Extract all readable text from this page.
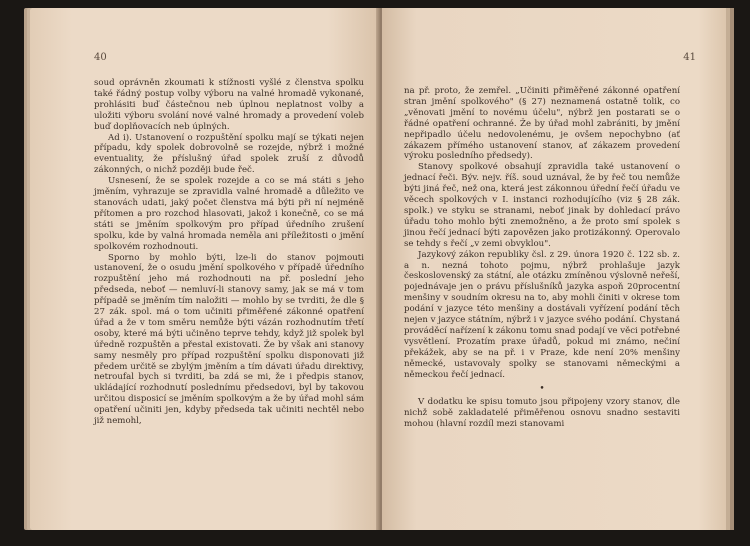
40

soud oprávněn zkoumati k stížnosti vyšlé z členstva spolku také řádný postup volby výboru na valné hromadě vykonané, prohlásiti buď částečnou neb úplnou neplatnost volby a uložiti výboru svolání nové valné hromady a provedení voleb buď doplňovacích neb úplných.

Ad i). Ustanovení o rozpuštění spolku mají se týkati nejen případu, kdy spolek dobrovolně se rozejde, nýbrž i možné eventuality, že příslušný úřad spolek zruší z důvodů zákonných, o nichž později bude řeč.

Usnesení, že se spolek rozejde a co se má státi s jeho jměním, vyhrazuje se zpravidla valné hromadě a důležito ve stanovách udati, jaký počet členstva má býti při ní nejméně přítomen a pro rozchod hlasovati, jakož i konečně, co se má státi se jměním spolkovým pro případ úředního zrušení spolku, kde by valná hromada neměla ani příležitosti o jmění spolkovém rozhodnouti.

Sporno by mohlo býti, lze-li do stanov pojmouti ustanovení, že o osudu jmění spolkového v případě úředního rozpuštění jeho má rozhodnouti na př. poslední jeho předseda, neboť — nemluví-li stanovy samy, jak se má v tom případě se jměním tím naložiti — mohlo by se tvrditi, že dle § 27 zák. spol. má o tom učiniti přiměřené zákonné opatření úřad a že v tom směru nemůže býti vázán rozhodnutím třetí osoby, které má býti učiněno teprve tehdy, když již spolek byl úředně rozpuštěn a přestal existovati. Že by však ani stanovy samy nesměly pro případ rozpuštění spolku disponovati již předem určitě se zbylým jměním a tím dávati úřadu direktivy, netroufal bych si tvrditi, ba zdá se mi, že i předpis stanov, ukládající rozhodnutí poslednímu předsedovi, byl by takovou určitou disposicí se jměním spolkovým a že by úřad mohl sám opatření učiniti jen, kdyby předseda tak učiniti nechtěl nebo již nemohl,

41

na př. proto, že zemřel. „Učiniti přiměřené zákonné opatření stran jmění spolkového" (§ 27) neznamená ostatně tolik, co „věnovati jmění to novému účelu", nýbrž jen postarati se o řádné opatření ochranné. Že by úřad mohl zabrániti, by jmění nepřipadlo účelu nedovolenému, je ovšem nepochybno (ať zákazem přímého ustanovení stanov, ať zákazem provedení výroku posledního předsedy).

Stanovy spolkové obsahují zpravidla také ustanovení o jednací řeči. Býv. nejv. říš. soud uznával, že by řeč tou nemůže býti jiná řeč, než ona, která jest zákonnou úřední řečí úřadu ve věcech spolkových v I. instanci rozhodujícího (viz § 28 zák. spolk.) ve styku se stranami, neboť jinak by dohledací právo úřadu toho mohlo býti znemožněno, a že proto smí spolek s jinou řečí jednací býti zapovězen jako protizákonný. Operovalo se tehdy s řečí „v zemi obvyklou".

Jazykový zákon republiky čsl. z 29. února 1920 č. 122 sb. z. a n. nezná tohoto pojmu, nýbrž prohlašuje jazyk československý za státní, ale otázku zmíněnou výslovně neřeší, pojednávaje jen o právu příslušníků jazyka aspoň 20procentní menšiny v soudním okresu na to, aby mohli činiti v okrese tom podání v jazyce této menšiny a dostávali vyřízení podání těch nejen v jazyce státním, nýbrž i v jazyce svého podání. Chystaná prováděcí nařízení k zákonu tomu snad podají ve věci potřebné vysvětlení. Prozatím praxe úřadů, pokud mi známo, nečiní překážek, aby se na př. i v Praze, kde není 20% menšiny německé, ustavovaly spolky se stanovami německými a německou řečí jednací.

•

V dodatku ke spisu tomuto jsou připojeny vzory stanov, dle nichž sobě zakladatelé přiměřenou osnovu snadno sestaviti mohou (hlavní rozdíl mezi stanovami
